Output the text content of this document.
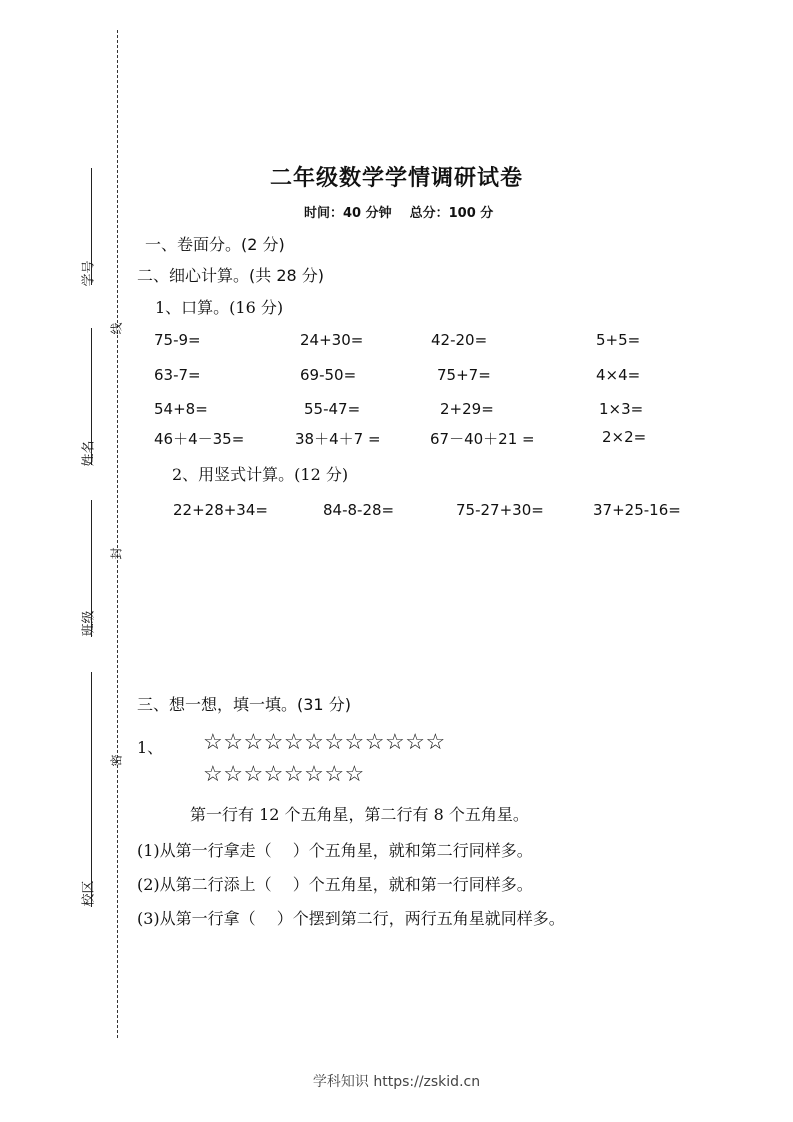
学号
姓名
班级
校区
线
封
密
二年级数学学情调研试卷
时间：40 分钟 总分：100 分
一、卷面分。(2 分)
二、细心计算。(共 28 分)
1、口算。(16 分)
75-9=	24+30=	42-20=	5+5=
63-7=	69-50=	75+7=	4×4=
54+8=	55-47=	2+29=	1×3=
46＋4－35=	38＋4＋7 =	67－40＋21 =	2×2=
2、用竖式计算。(12 分)
22+28+34=	84-8-28=	75-27+30=	37+25-16=
三、想一想，填一填。(31 分)
1、 ☆☆☆☆☆☆☆☆☆☆☆☆
☆☆☆☆☆☆☆☆
第一行有 12 个五角星，第二行有 8 个五角星。
(1)从第一行拿走（　 ）个五角星，就和第二行同样多。
(2)从第二行添上（　 ）个五角星，就和第一行同样多。
(3)从第一行拿（　 ）个摆到第二行，两行五角星就同样多。
学科知识 https://zskid.cn
